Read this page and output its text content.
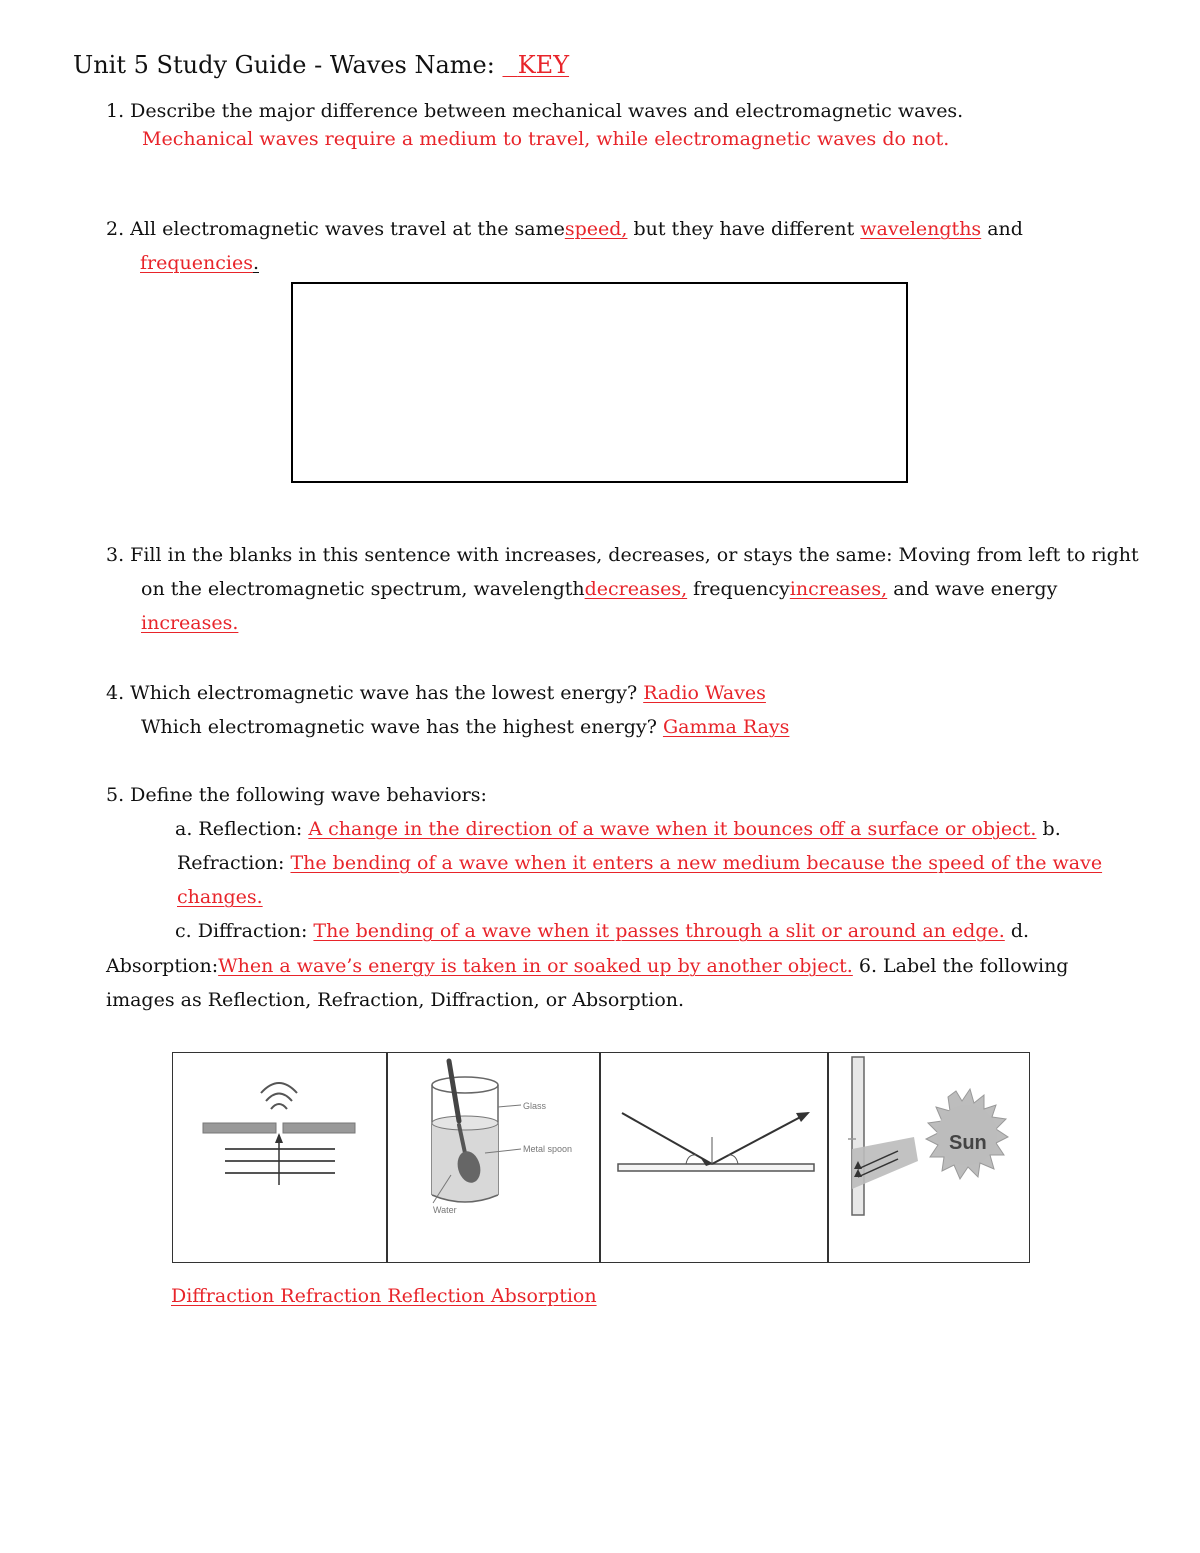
Unit 5 Study Guide - Waves Name: KEY
1. Describe the major difference between mechanical waves and electromagnetic waves.
Mechanical waves require a medium to travel, while electromagnetic waves do not.
2. All electromagnetic waves travel at the samespeed, but they have different wavelengths and
frequencies.
3. Fill in the blanks in this sentence with increases, decreases, or stays the same: Moving from left to right
on the electromagnetic spectrum, wavelengthdecreases, frequencyincreases, and wave energy
increases.
4. Which electromagnetic wave has the lowest energy? Radio Waves
Which electromagnetic wave has the highest energy? Gamma Rays
5. Define the following wave behaviors:
a. Reflection: A change in the direction of a wave when it bounces off a surface or object. b.
Refraction: The bending of a wave when it enters a new medium because the speed of the wave
changes.
c. Diffraction: The bending of a wave when it passes through a slit or around an edge. d.
Absorption:When a wave’s energy is taken in or soaked up by another object. 6. Label the following
images as Reflection, Refraction, Diffraction, or Absorption.
Glass
Metal spoon
Water
Sun
Diffraction Refraction Reflection Absorption
